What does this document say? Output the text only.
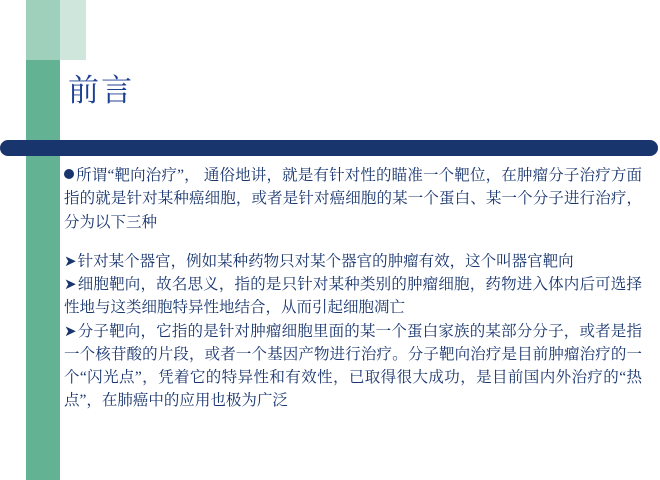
前言

所谓“靶向治疗”， 通俗地讲，就是有针对性的瞄准一个靶位，在肿瘤分子治疗方面指的就是针对某种癌细胞，或者是针对癌细胞的某一个蛋白、某一个分子进行治疗，分为以下三种

➤针对某个器官，例如某种药物只对某个器官的肿瘤有效，这个叫器官靶向

➤细胞靶向，故名思义，指的是只针对某种类别的肿瘤细胞，药物进入体内后可选择性地与这类细胞特异性地结合，从而引起细胞凋亡

➤分子靶向，它指的是针对肿瘤细胞里面的某一个蛋白家族的某部分分子，或者是指一个核苷酸的片段，或者一个基因产物进行治疗。分子靶向治疗是目前肿瘤治疗的一个“闪光点”，凭着它的特异性和有效性，已取得很大成功，是目前国内外治疗的“热点”，在肺癌中的应用也极为广泛
